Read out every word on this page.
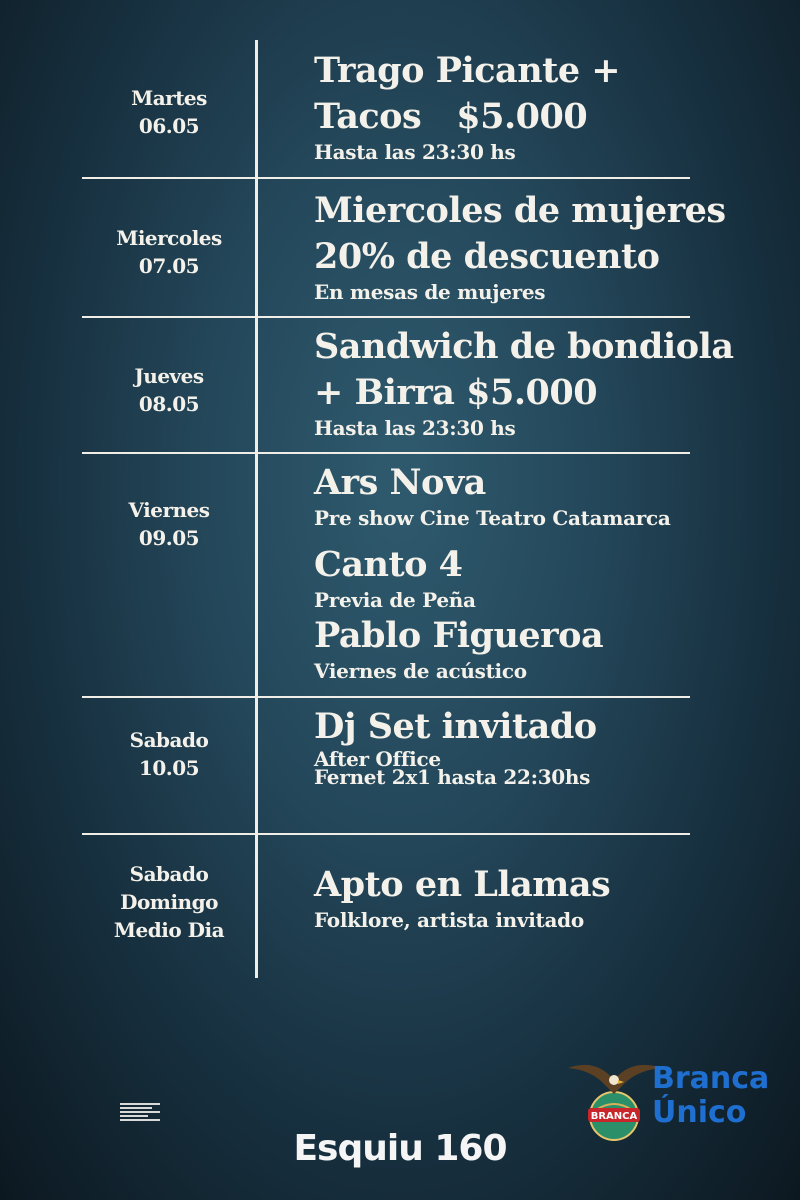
Martes
06.05
Trago Picante +
Tacos   $5.000
Hasta las 23:30 hs
Miercoles
07.05
Miercoles de mujeres
20% de descuento
En mesas de mujeres
Jueves
08.05
Sandwich de bondiola
+ Birra $5.000
Hasta las 23:30 hs
Viernes
09.05
Ars Nova
Pre show Cine Teatro Catamarca
Canto 4
Previa de Peña
Pablo Figueroa
Viernes de acústico
Sabado
10.05
Dj Set invitado
After Office
Fernet 2x1 hasta 22:30hs
Sabado
Domingo
Medio Dia
Apto en Llamas
Folklore, artista invitado
BRANCA
Branca
Único
Esquiu 160
